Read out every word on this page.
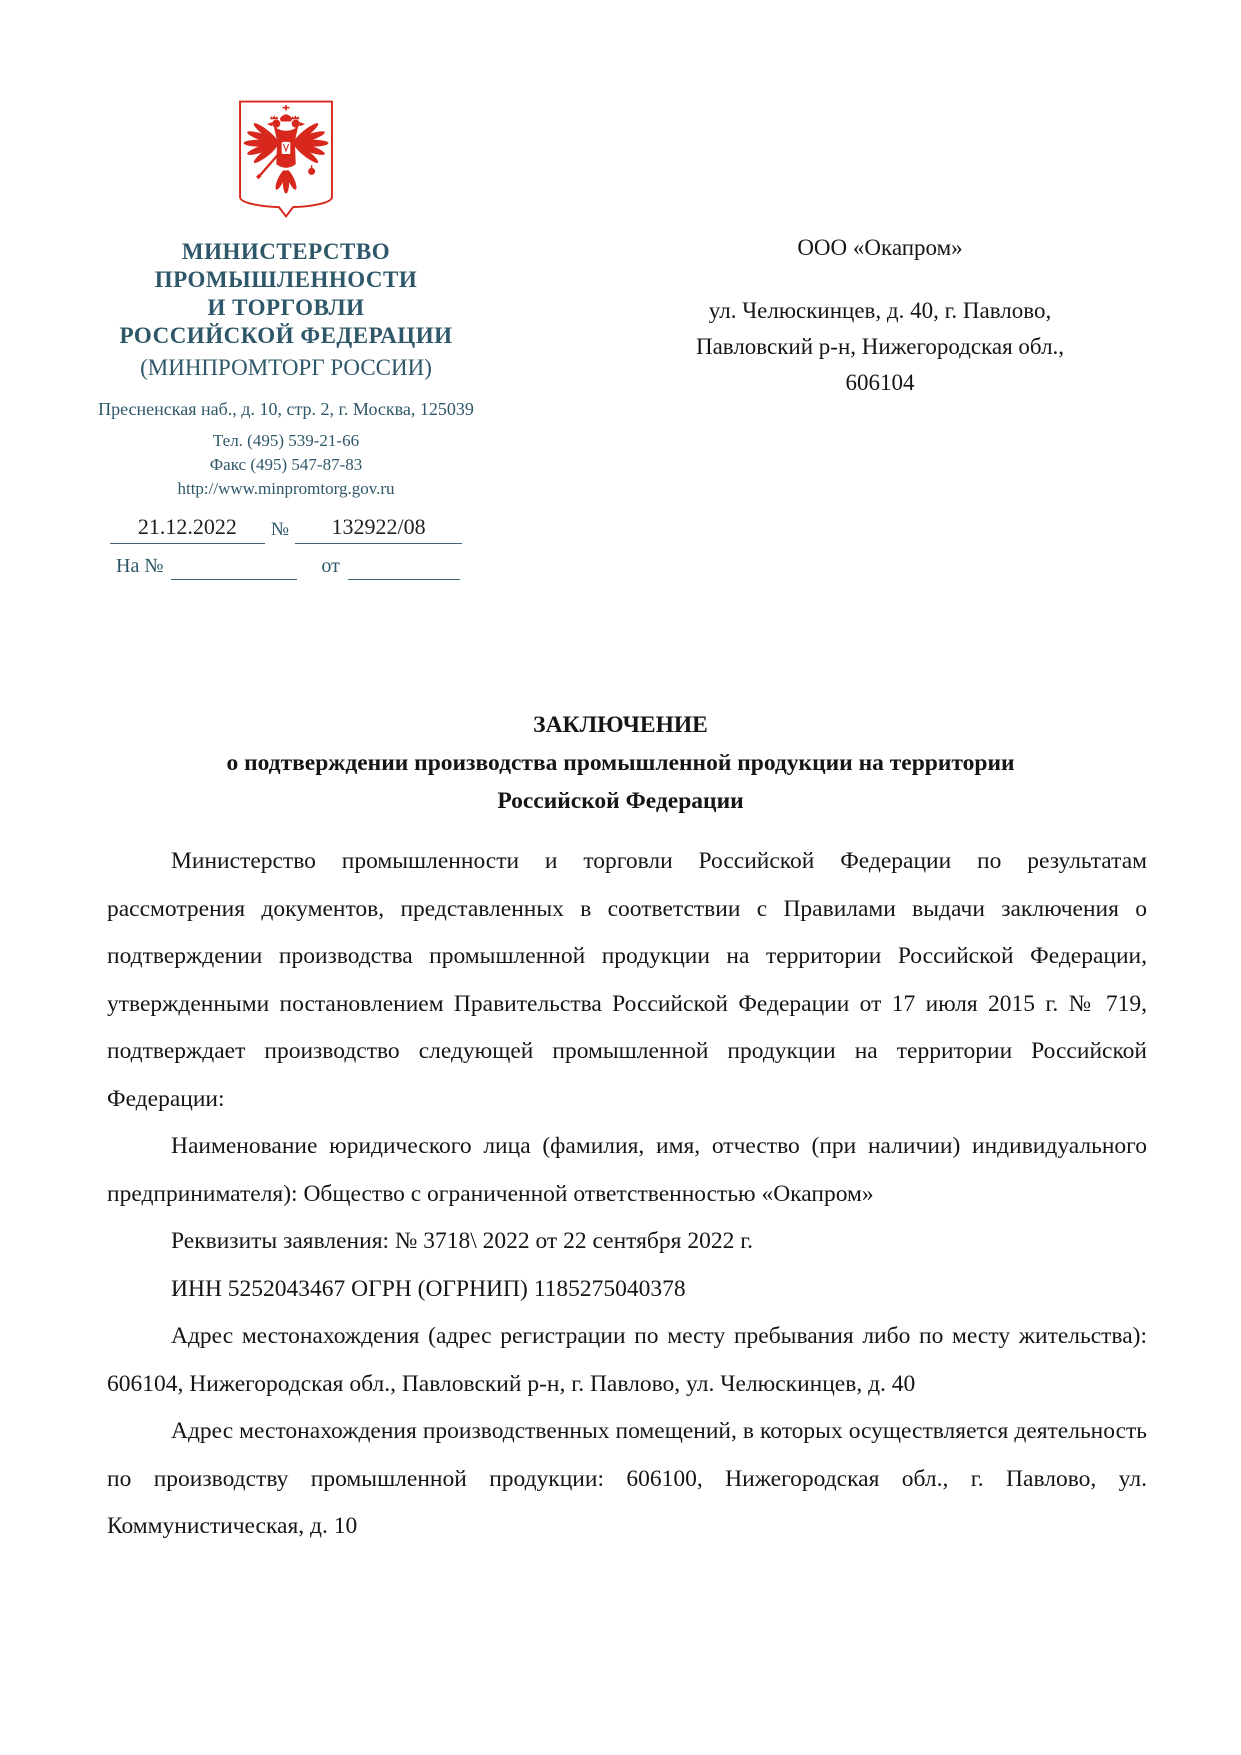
МИНИСТЕРСТВО
ПРОМЫШЛЕННОСТИ
И ТОРГОВЛИ
РОССИЙСКОЙ ФЕДЕРАЦИИ
(МИНПРОМТОРГ РОССИИ)
Пресненская наб., д. 10, стр. 2, г. Москва, 125039
Тел. (495) 539-21-66
Факс (495) 547-87-83
http://www.minpromtorg.gov.ru
21.12.2022	№	132922/08
На №	от
ООО «Окапром»
ул. Челюскинцев, д. 40, г. Павлово,
Павловский р-н, Нижегородская обл.,
606104
ЗАКЛЮЧЕНИЕ
о подтверждении производства промышленной продукции на территории
Российской Федерации

Министерство промышленности и торговли Российской Федерации по результатам рассмотрения документов, представленных в соответствии с Правилами выдачи заключения о подтверждении производства промышленной продукции на территории Российской Федерации, утвержденными постановлением Правительства Российской Федерации от 17 июля 2015 г. № 719, подтверждает производство следующей промышленной продукции на территории Российской Федерации:

Наименование юридического лица (фамилия, имя, отчество (при наличии) индивидуального предпринимателя): Общество с ограниченной ответственностью «Окапром»

Реквизиты заявления: № 3718\ 2022 от 22 сентября 2022 г.

ИНН 5252043467 ОГРН (ОГРНИП) 1185275040378

Адрес местонахождения (адрес регистрации по месту пребывания либо по месту жительства): 606104, Нижегородская обл., Павловский р-н, г. Павлово, ул. Челюскинцев, д. 40

Адрес местонахождения производственных помещений, в которых осуществляется деятельность по производству промышленной продукции: 606100, Нижегородская обл., г. Павлово, ул. Коммунистическая, д. 10
